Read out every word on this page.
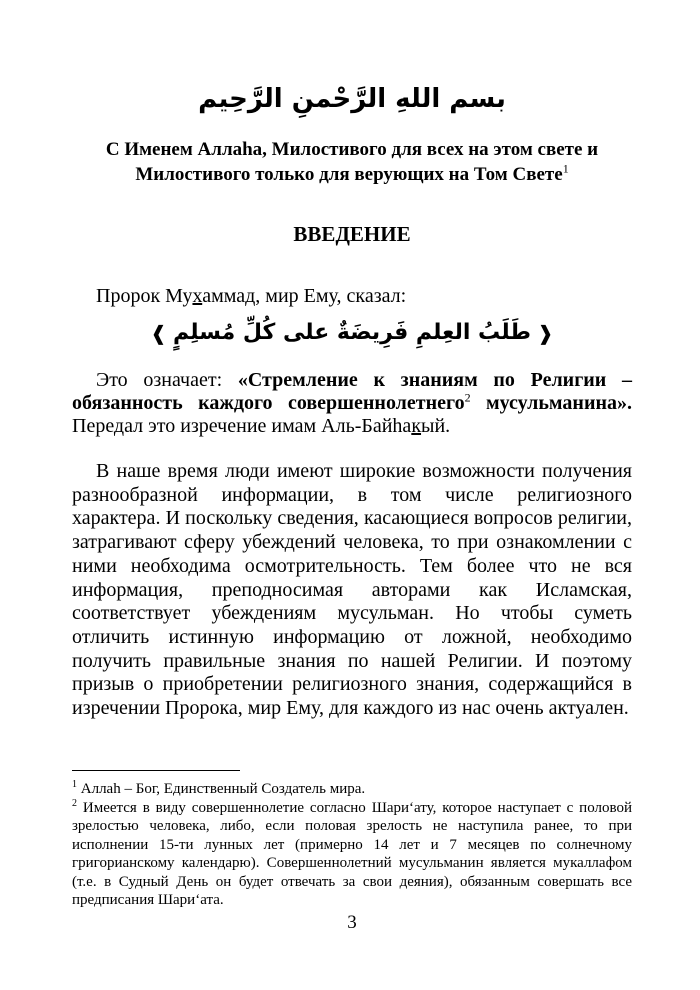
بسم اللهِ الرَّحْمنِ الرَّحِيم
С Именем Аллаhа, Милостивого для всех на этом свете и Милостивого только для верующих на Том Свете$^1$
ВВЕДЕНИЕ
Пророк Мухаммад, мир Ему, сказал:
❰ طَلَبُ العِلمِ فَرِيضَةٌ على كُلِّ مُسلِمٍ ❱
Это означает: «Стремление к знаниям по Религии – обязанность каждого совершеннолетнего$^2$ мусульманина».
Передал это изречение имам Аль-Байhакый.

В наше время люди имеют широкие возможности получения разнообразной информации, в том числе религиозного характера. И поскольку сведения, касающиеся вопросов религии, затрагивают сферу убеждений человека, то при ознакомлении с ними необходима осмотрительность. Тем более что не вся информация, преподносимая авторами как Исламская, соответствует убеждениям мусульман. Но чтобы суметь отличить истинную информацию от ложной, необходимо получить правильные знания по нашей Религии. И поэтому призыв о приобретении религиозного знания, содержащийся в изречении Пророка, мир Ему, для каждого из нас очень актуален.

$^1$ Аллаh – Бог, Единственный Создатель мира.

$^2$ Имеется в виду совершеннолетие согласно Шари‘ату, которое наступает с половой зрелостью человека, либо, если половая зрелость не наступила ранее, то при исполнении 15-ти лунных лет (примерно 14 лет и 7 месяцев по солнечному григорианскому календарю). Совершеннолетний мусульманин является мукаллафом (т.е. в Судный День он будет отвечать за свои деяния), обязанным совершать все предписания Шари‘ата.

3
